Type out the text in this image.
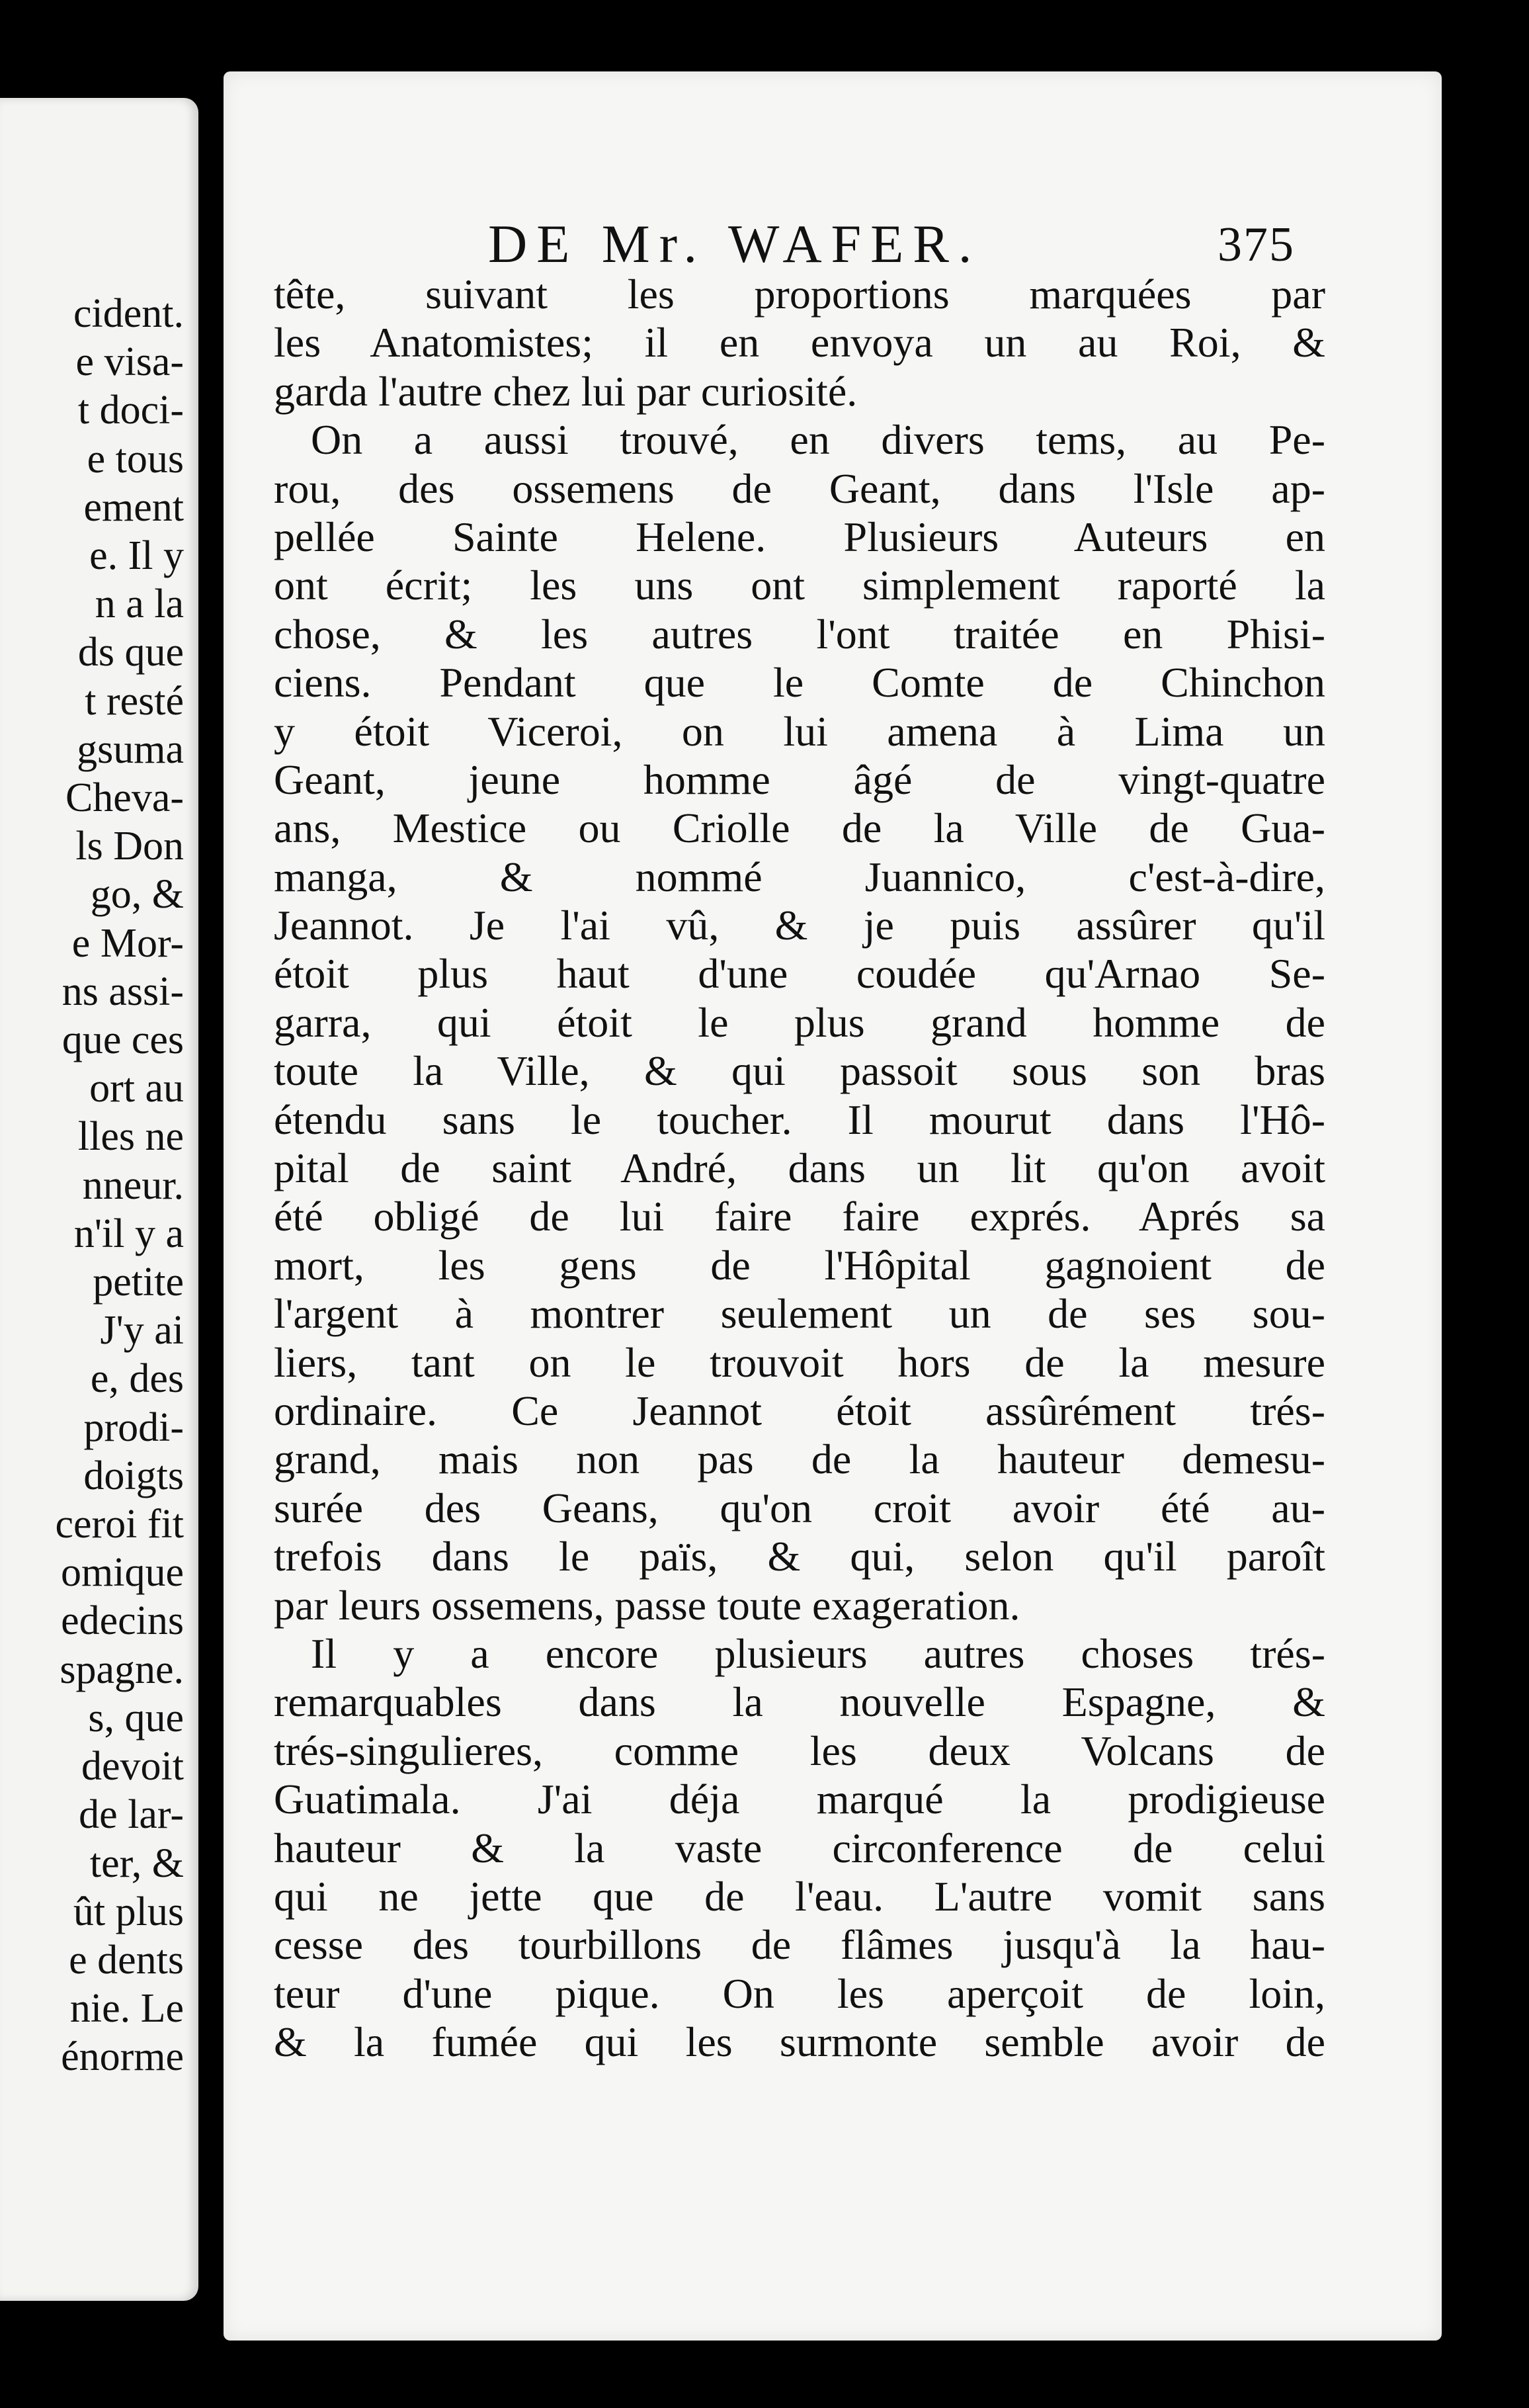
cident.
e visa-
t doci-
e tous
ement
e. Il y
n a la
ds que
t resté
gsuma
Cheva-
ls Don
go, &
e Mor-
ns assi-
que ces
ort au
lles ne
nneur.
n'il y a
petite
J'y ai
e, des
prodi-
doigts
ceroi fit
omique
edecins
spagne.
s, que
devoit
de lar-
ter, &
ût plus
e dents
nie. Le
énorme
DE Mr. WAFER.	375
tête, suivant les proportions marquées par
les Anatomistes; il en envoya un au Roi, &
garda l'autre chez lui par curiosité.
On a aussi trouvé, en divers tems, au Pe-
rou, des ossemens de Geant, dans l'Isle ap-
pellée Sainte Helene. Plusieurs Auteurs en
ont écrit; les uns ont simplement raporté la
chose, & les autres l'ont traitée en Phisi-
ciens. Pendant que le Comte de Chinchon
y étoit Viceroi, on lui amena à Lima un
Geant, jeune homme âgé de vingt-quatre
ans, Mestice ou Criolle de la Ville de Gua-
manga, & nommé Juannico, c'est-à-dire,
Jeannot. Je l'ai vû, & je puis assûrer qu'il
étoit plus haut d'une coudée qu'Arnao Se-
garra, qui étoit le plus grand homme de
toute la Ville, & qui passoit sous son bras
étendu sans le toucher. Il mourut dans l'Hô-
pital de saint André, dans un lit qu'on avoit
été obligé de lui faire faire exprés. Aprés sa
mort, les gens de l'Hôpital gagnoient de
l'argent à montrer seulement un de ses sou-
liers, tant on le trouvoit hors de la mesure
ordinaire. Ce Jeannot étoit assûrément trés-
grand, mais non pas de la hauteur demesu-
surée des Geans, qu'on croit avoir été au-
trefois dans le païs, & qui, selon qu'il paroît
par leurs ossemens, passe toute exageration.
Il y a encore plusieurs autres choses trés-
remarquables dans la nouvelle Espagne, &
trés-singulieres, comme les deux Volcans de
Guatimala. J'ai déja marqué la prodigieuse
hauteur & la vaste circonference de celui
qui ne jette que de l'eau. L'autre vomit sans
cesse des tourbillons de flâmes jusqu'à la hau-
teur d'une pique. On les aperçoit de loin,
& la fumée qui les surmonte semble avoir de
